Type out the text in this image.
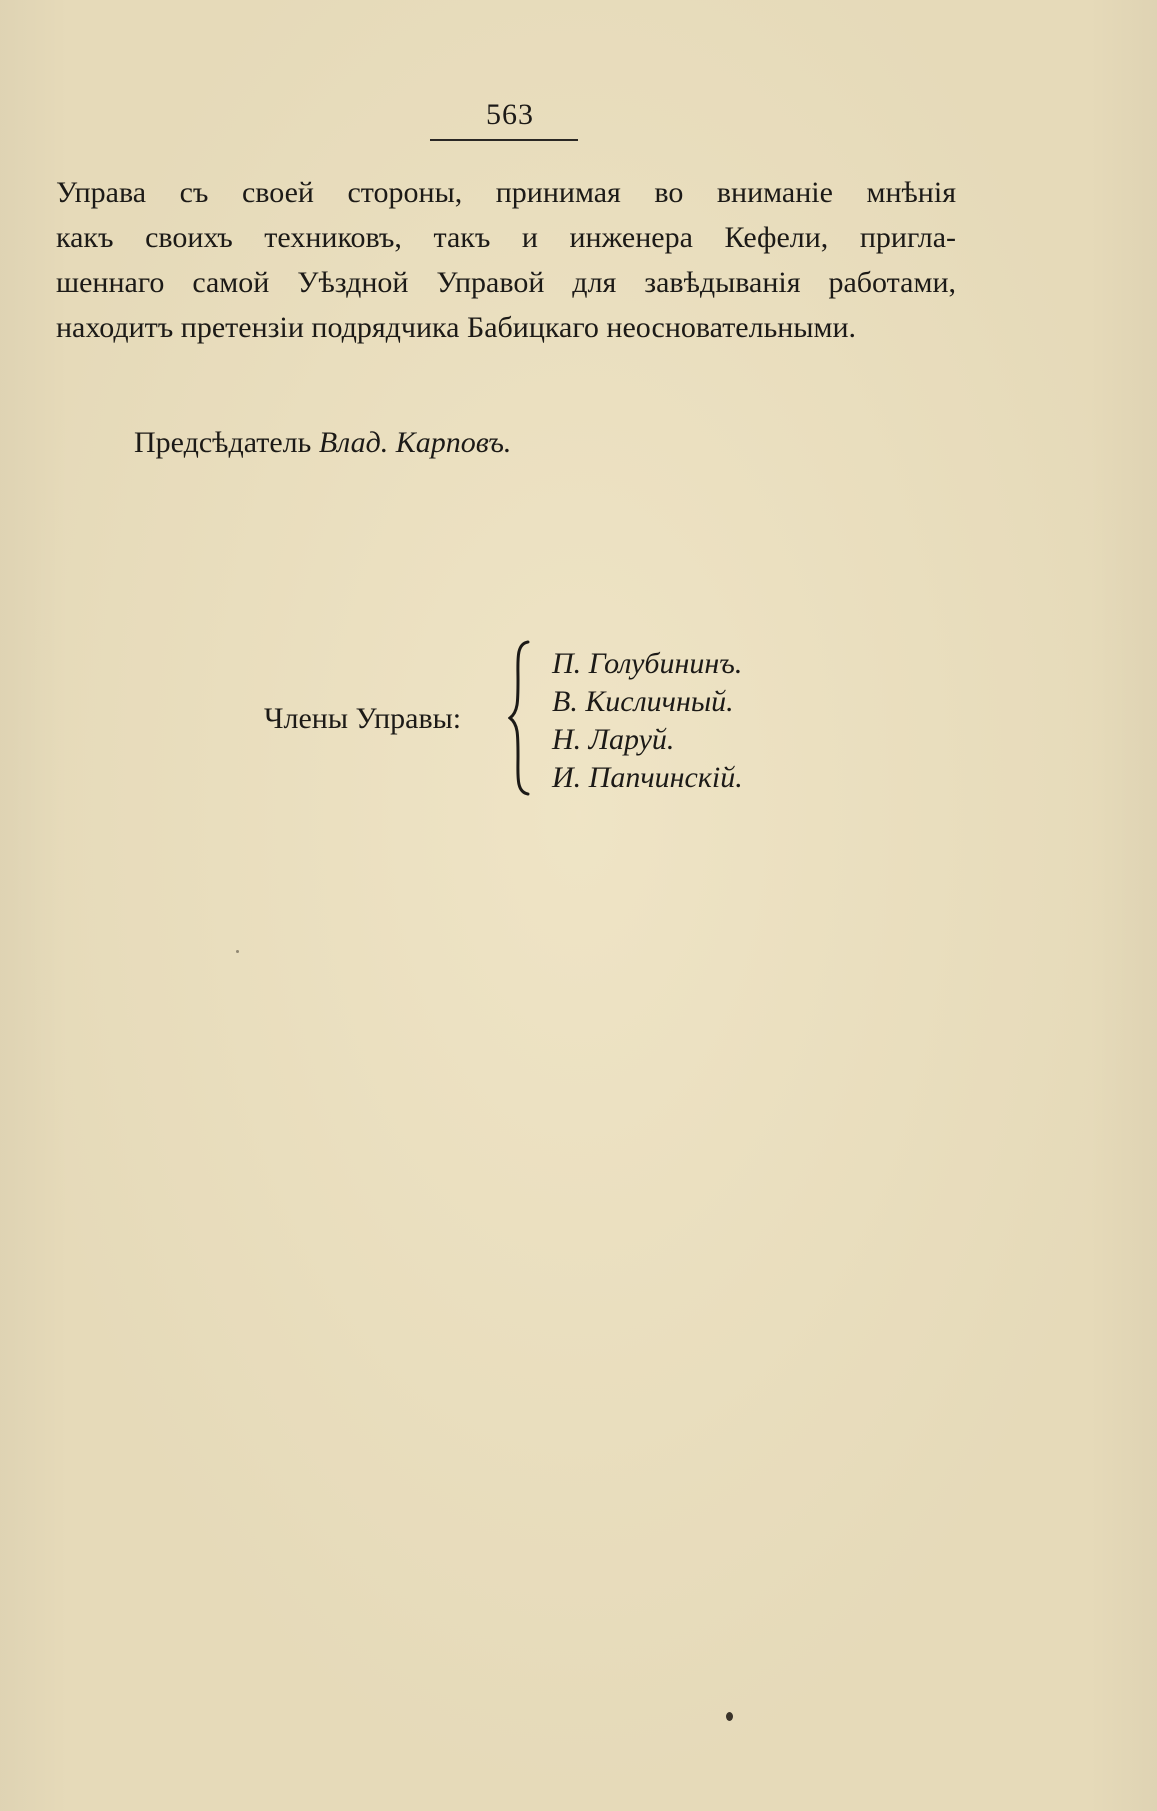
563
Управа съ своей стороны, принимая во вниманіе мнѣнія
какъ своихъ техниковъ, такъ и инженера Кефели, пригла-
шеннаго самой Уѣздной Управой для завѣдыванія работами,
находитъ претензіи подрядчика Бабицкаго неосновательными.
Предсѣдатель Влад. Карповъ.
Члены Управы:
П. Голубининъ.
В. Кисличный.
Н. Ларуй.
И. Папчинскій.
